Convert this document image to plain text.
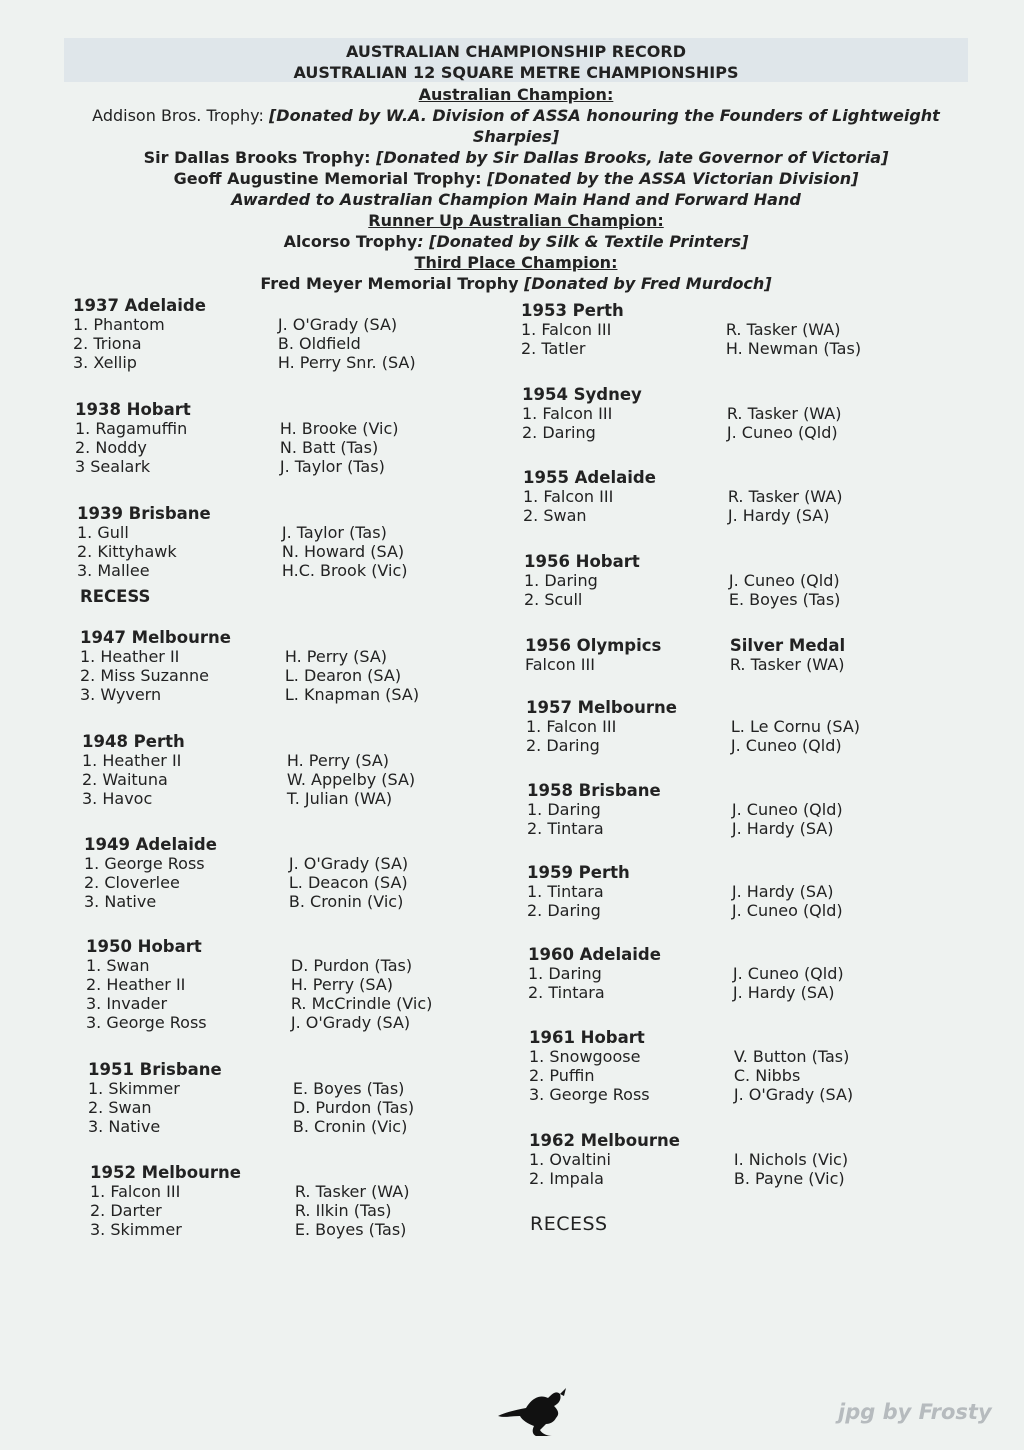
AUSTRALIAN CHAMPIONSHIP RECORD
AUSTRALIAN 12 SQUARE METRE CHAMPIONSHIPS
Australian Champion:
Addison Bros. Trophy: [Donated by W.A. Division of ASSA honouring the Founders of Lightweight
Sharpies]
Sir Dallas Brooks Trophy: [Donated by Sir Dallas Brooks, late Governor of Victoria]
Geoff Augustine Memorial Trophy: [Donated by the ASSA Victorian Division]
Awarded to Australian Champion Main Hand and Forward Hand
Runner Up Australian Champion:
Alcorso Trophy: [Donated by Silk & Textile Printers]
Third Place Champion:
Fred Meyer Memorial Trophy [Donated by Fred Murdoch]
RECESS
RECESS
jpg by Frosty
1937 Adelaide
1. Phantom	J. O'Grady (SA)
2. Triona	B. Oldfield
3. Xellip	H. Perry Snr. (SA)
1938 Hobart
1. Ragamuffin	H. Brooke (Vic)
2. Noddy	N. Batt (Tas)
3 Sealark	J. Taylor (Tas)
1939 Brisbane
1. Gull	J. Taylor (Tas)
2. Kittyhawk	N. Howard (SA)
3. Mallee	H.C. Brook (Vic)
1947 Melbourne
1. Heather II	H. Perry (SA)
2. Miss Suzanne	L. Dearon (SA)
3. Wyvern	L. Knapman (SA)
1948 Perth
1. Heather II	H. Perry (SA)
2. Waituna	W. Appelby (SA)
3. Havoc	T. Julian (WA)
1949 Adelaide
1. George Ross	J. O'Grady (SA)
2. Cloverlee	L. Deacon (SA)
3. Native	B. Cronin (Vic)
1950 Hobart
1. Swan	D. Purdon (Tas)
2. Heather II	H. Perry (SA)
3. Invader	R. McCrindle (Vic)
3. George Ross	J. O'Grady (SA)
1951 Brisbane
1. Skimmer	E. Boyes (Tas)
2. Swan	D. Purdon (Tas)
3. Native	B. Cronin (Vic)
1952 Melbourne
1. Falcon III	R. Tasker (WA)
2. Darter	R. Ilkin (Tas)
3. Skimmer	E. Boyes (Tas)
1953 Perth
1. Falcon III	R. Tasker (WA)
2. Tatler	H. Newman (Tas)
1954 Sydney
1. Falcon III	R. Tasker (WA)
2. Daring	J. Cuneo (Qld)
1955 Adelaide
1. Falcon III	R. Tasker (WA)
2. Swan	J. Hardy (SA)
1956 Hobart
1. Daring	J. Cuneo (Qld)
2. Scull	E. Boyes (Tas)
1956 Olympics	Silver Medal
Falcon III	R. Tasker (WA)
1957 Melbourne
1. Falcon III	L. Le Cornu (SA)
2. Daring	J. Cuneo (Qld)
1958 Brisbane
1. Daring	J. Cuneo (Qld)
2. Tintara	J. Hardy (SA)
1959 Perth
1. Tintara	J. Hardy (SA)
2. Daring	J. Cuneo (Qld)
1960 Adelaide
1. Daring	J. Cuneo (Qld)
2. Tintara	J. Hardy (SA)
1961 Hobart
1. Snowgoose	V. Button (Tas)
2. Puffin	C. Nibbs
3. George Ross	J. O'Grady (SA)
1962 Melbourne
1. Ovaltini	I. Nichols (Vic)
2. Impala	B. Payne (Vic)
